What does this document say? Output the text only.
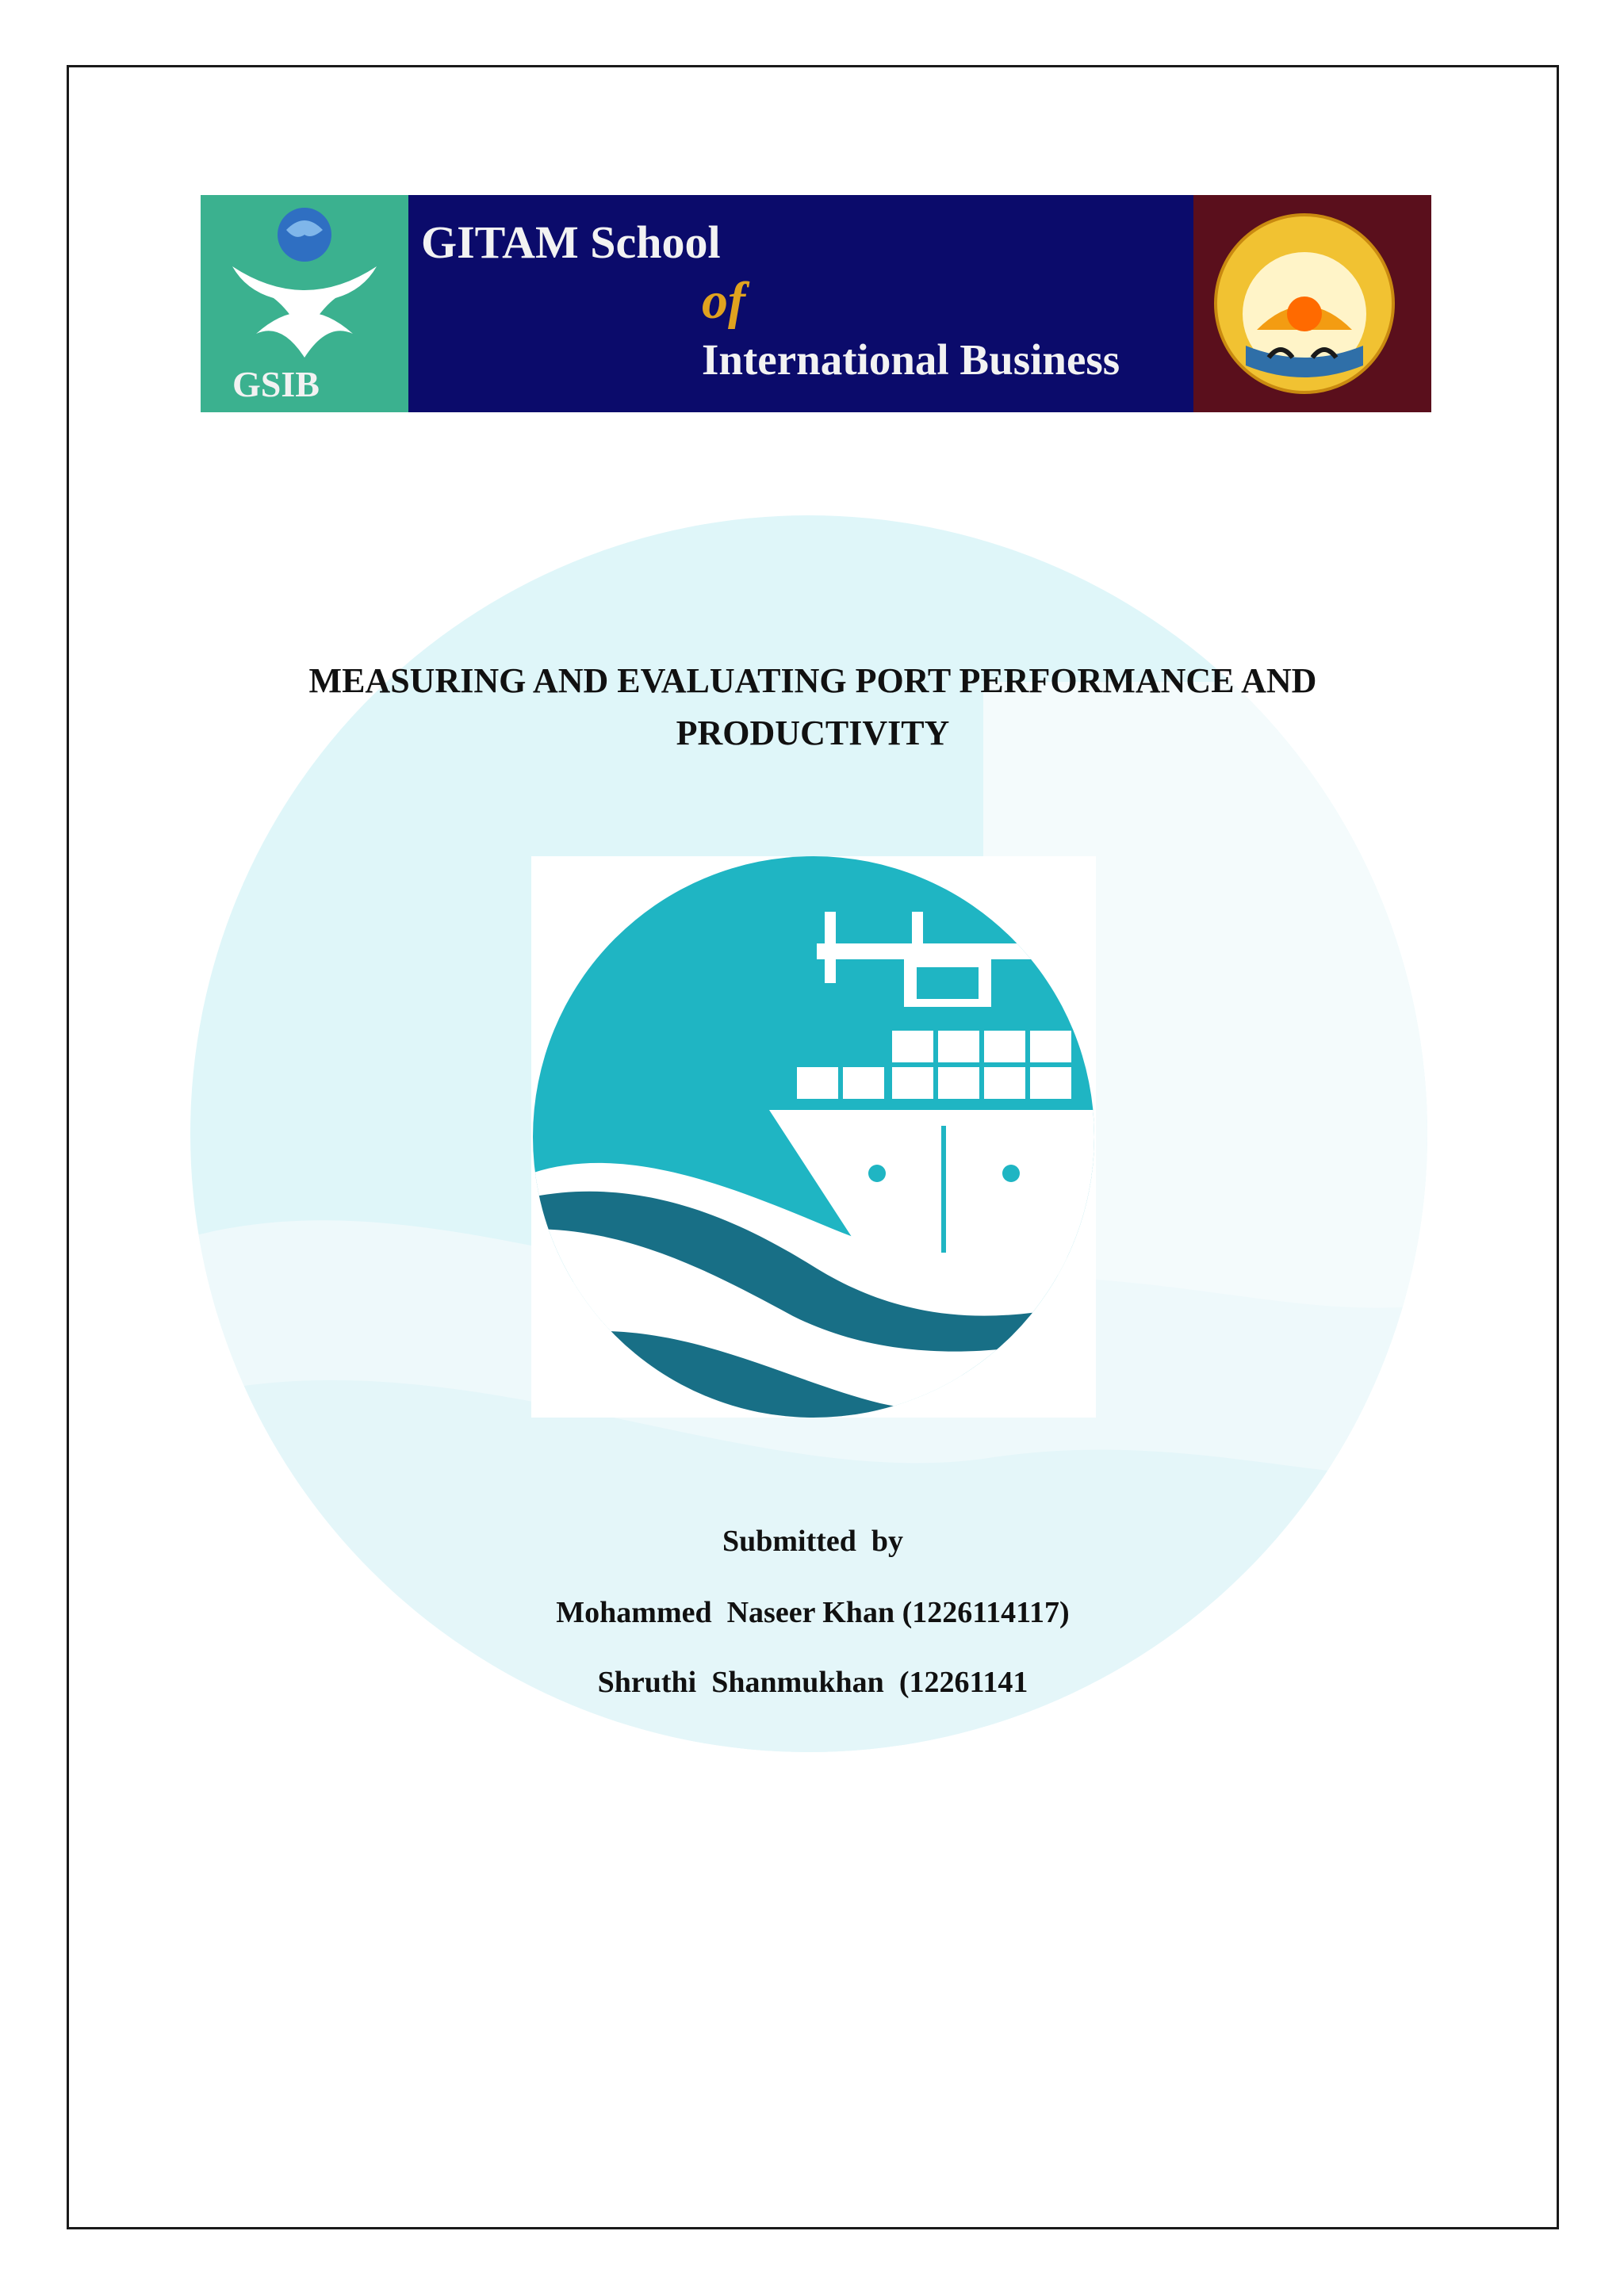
GSIB
GITAM School
of
International Business
MEASURING AND EVALUATING PORT PERFORMANCE AND
PRODUCTIVITY
Submitted  by
Mohammed  Naseer Khan (1226114117)
Shruthi  Shanmukhan  (12261141
